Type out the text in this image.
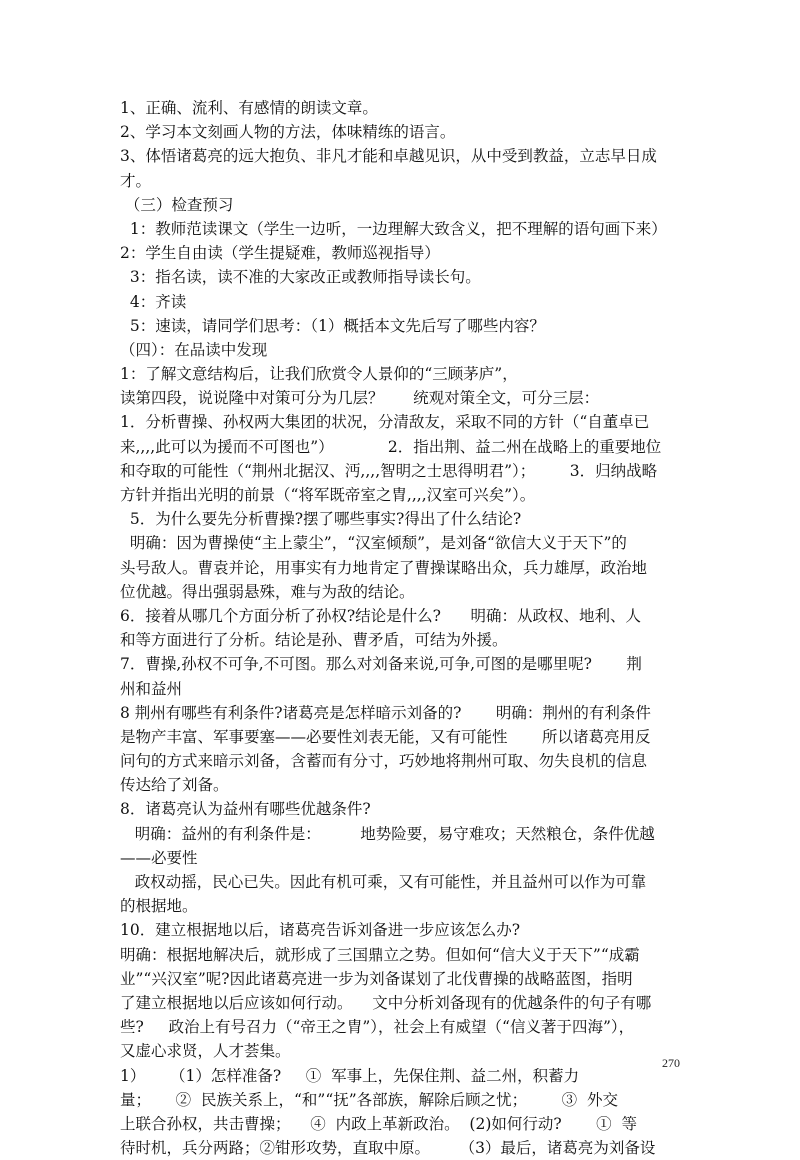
1、正确、流利、有感情的朗读文章。
2、学习本文刻画人物的方法，体味精练的语言。
3、体悟诸葛亮的远大抱负、非凡才能和卓越见识，从中受到教益，立志早日成
才。
（三）检查预习
1：教师范读课文（学生一边听，一边理解大致含义，把不理解的语句画下来）
2：学生自由读（学生提疑难，教师巡视指导）
3：指名读，读不准的大家改正或教师指导读长句。
4：齐读
5：速读，请同学们思考：（1）概括本文先后写了哪些内容？
（四）：在品读中发现
1：了解文意结构后，让我们欣赏令人景仰的“三顾茅庐”，
读第四段，说说隆中对策可分为几层？      统观对策全文，可分三层：
1．分析曹操、孙权两大集团的状况，分清敌友，采取不同的方针（“自董卓已
来,,,,此可以为援而不可图也”）           2．指出荆、益二州在战略上的重要地位
和夺取的可能性（“荆州北据汉、沔,,,,智明之士思得明君”）；       3．归纳战略
方针并指出光明的前景（“将军既帝室之胄,,,,汉室可兴矣”）。
5．为什么要先分析曹操?摆了哪些事实?得出了什么结论?
明确：因为曹操使“主上蒙尘”，“汉室倾颓”，是刘备“欲信大义于天下”的
头号敌人。曹袁并论，用事实有力地肯定了曹操谋略出众，兵力雄厚，政治地
位优越。得出强弱悬殊，难与为敌的结论。
6．接着从哪几个方面分析了孙权?结论是什么?      明确：从政权、地利、人
和等方面进行了分析。结论是孙、曹矛盾，可结为外援。
7．曹操,孙权不可争,不可图。那么对刘备来说,可争,可图的是哪里呢?       荆
州和益州
8 荆州有哪些有利条件?诸葛亮是怎样暗示刘备的?       明确：荆州的有利条件
是物产丰富、军事要塞——必要性刘表无能，又有可能性       所以诸葛亮用反
问句的方式来暗示刘备，含蓄而有分寸，巧妙地将荆州可取、勿失良机的信息
传达给了刘备。
8．诸葛亮认为益州有哪些优越条件?
明确：益州的有利条件是：        地势险要，易守难攻；天然粮仓，条件优越
——必要性
政权动摇，民心已失。因此有机可乘，又有可能性，并且益州可以作为可靠
的根据地。
10．建立根据地以后，诸葛亮告诉刘备进一步应该怎么办?
明确：根据地解决后，就形成了三国鼎立之势。但如何“信大义于天下”“成霸
业”“兴汉室”呢?因此诸葛亮进一步为刘备谋划了北伐曹操的战略蓝图，指明
了建立根据地以后应该如何行动。    文中分析刘备现有的优越条件的句子有哪
些?     政治上有号召力（“帝王之胄”），社会上有威望（“信义著于四海”），
又虚心求贤，人才荟集。
1）     （1）怎样准备?     ①  军事上，先保住荆、益二州，积蓄力
量；     ②  民族关系上，“和”“抚”各部族，解除后顾之忧；       ③  外交
上联合孙权，共击曹操；    ④  内政上革新政治。  (2)如何行动?       ①  等
待时机，兵分两路；②钳形攻势，直取中原。      （3）最后，诸葛亮为刘备设
270
